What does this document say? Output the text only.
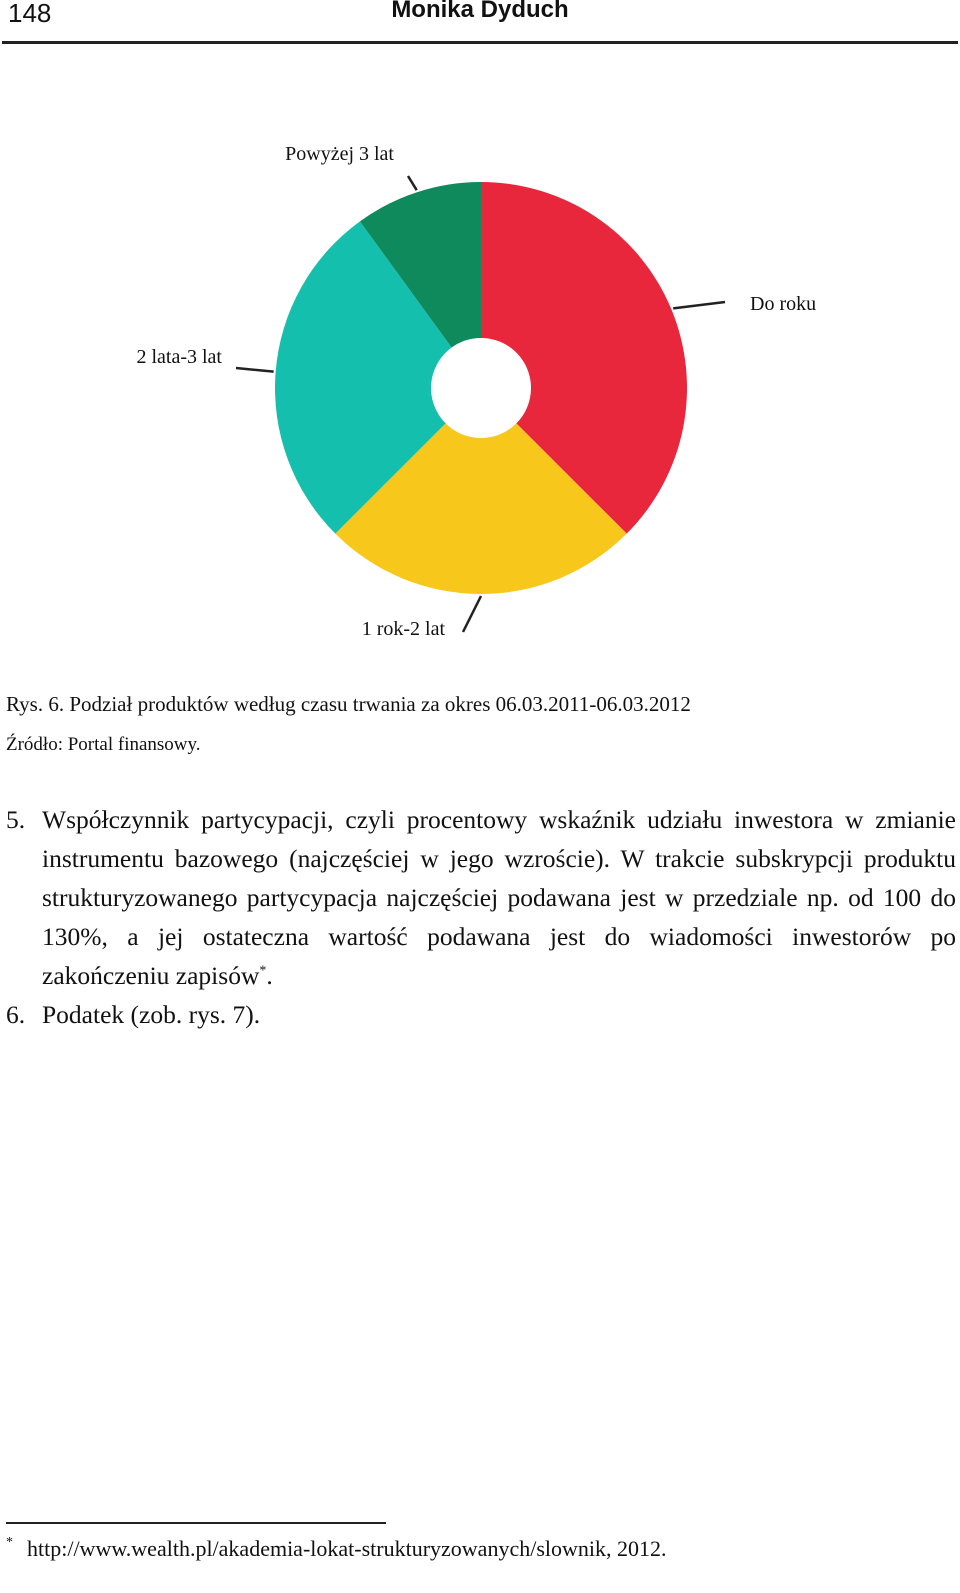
148	Monika Dyduch
Do roku
1 rok-2 lat
2 lata-3 lat
Powyżej 3 lat
Rys. 6. Podział produktów według czasu trwania za okres 06.03.2011-06.03.2012
Źródło: Portal finansowy.
5. Współczynnik partycypacji, czyli procentowy wskaźnik udziału inwestora w zmianie instrumentu bazowego (najczęściej w jego wzroście). W trakcie subskrypcji produktu strukturyzowanego partycypacja najczęściej podawana jest w przedziale np. od 100 do 130%, a jej ostateczna wartość podawana jest do wiadomości inwestorów po zakończeniu zapisów*.
6. Podatek (zob. rys. 7).
* http://www.wealth.pl/akademia-lokat-strukturyzowanych/slownik, 2012.
